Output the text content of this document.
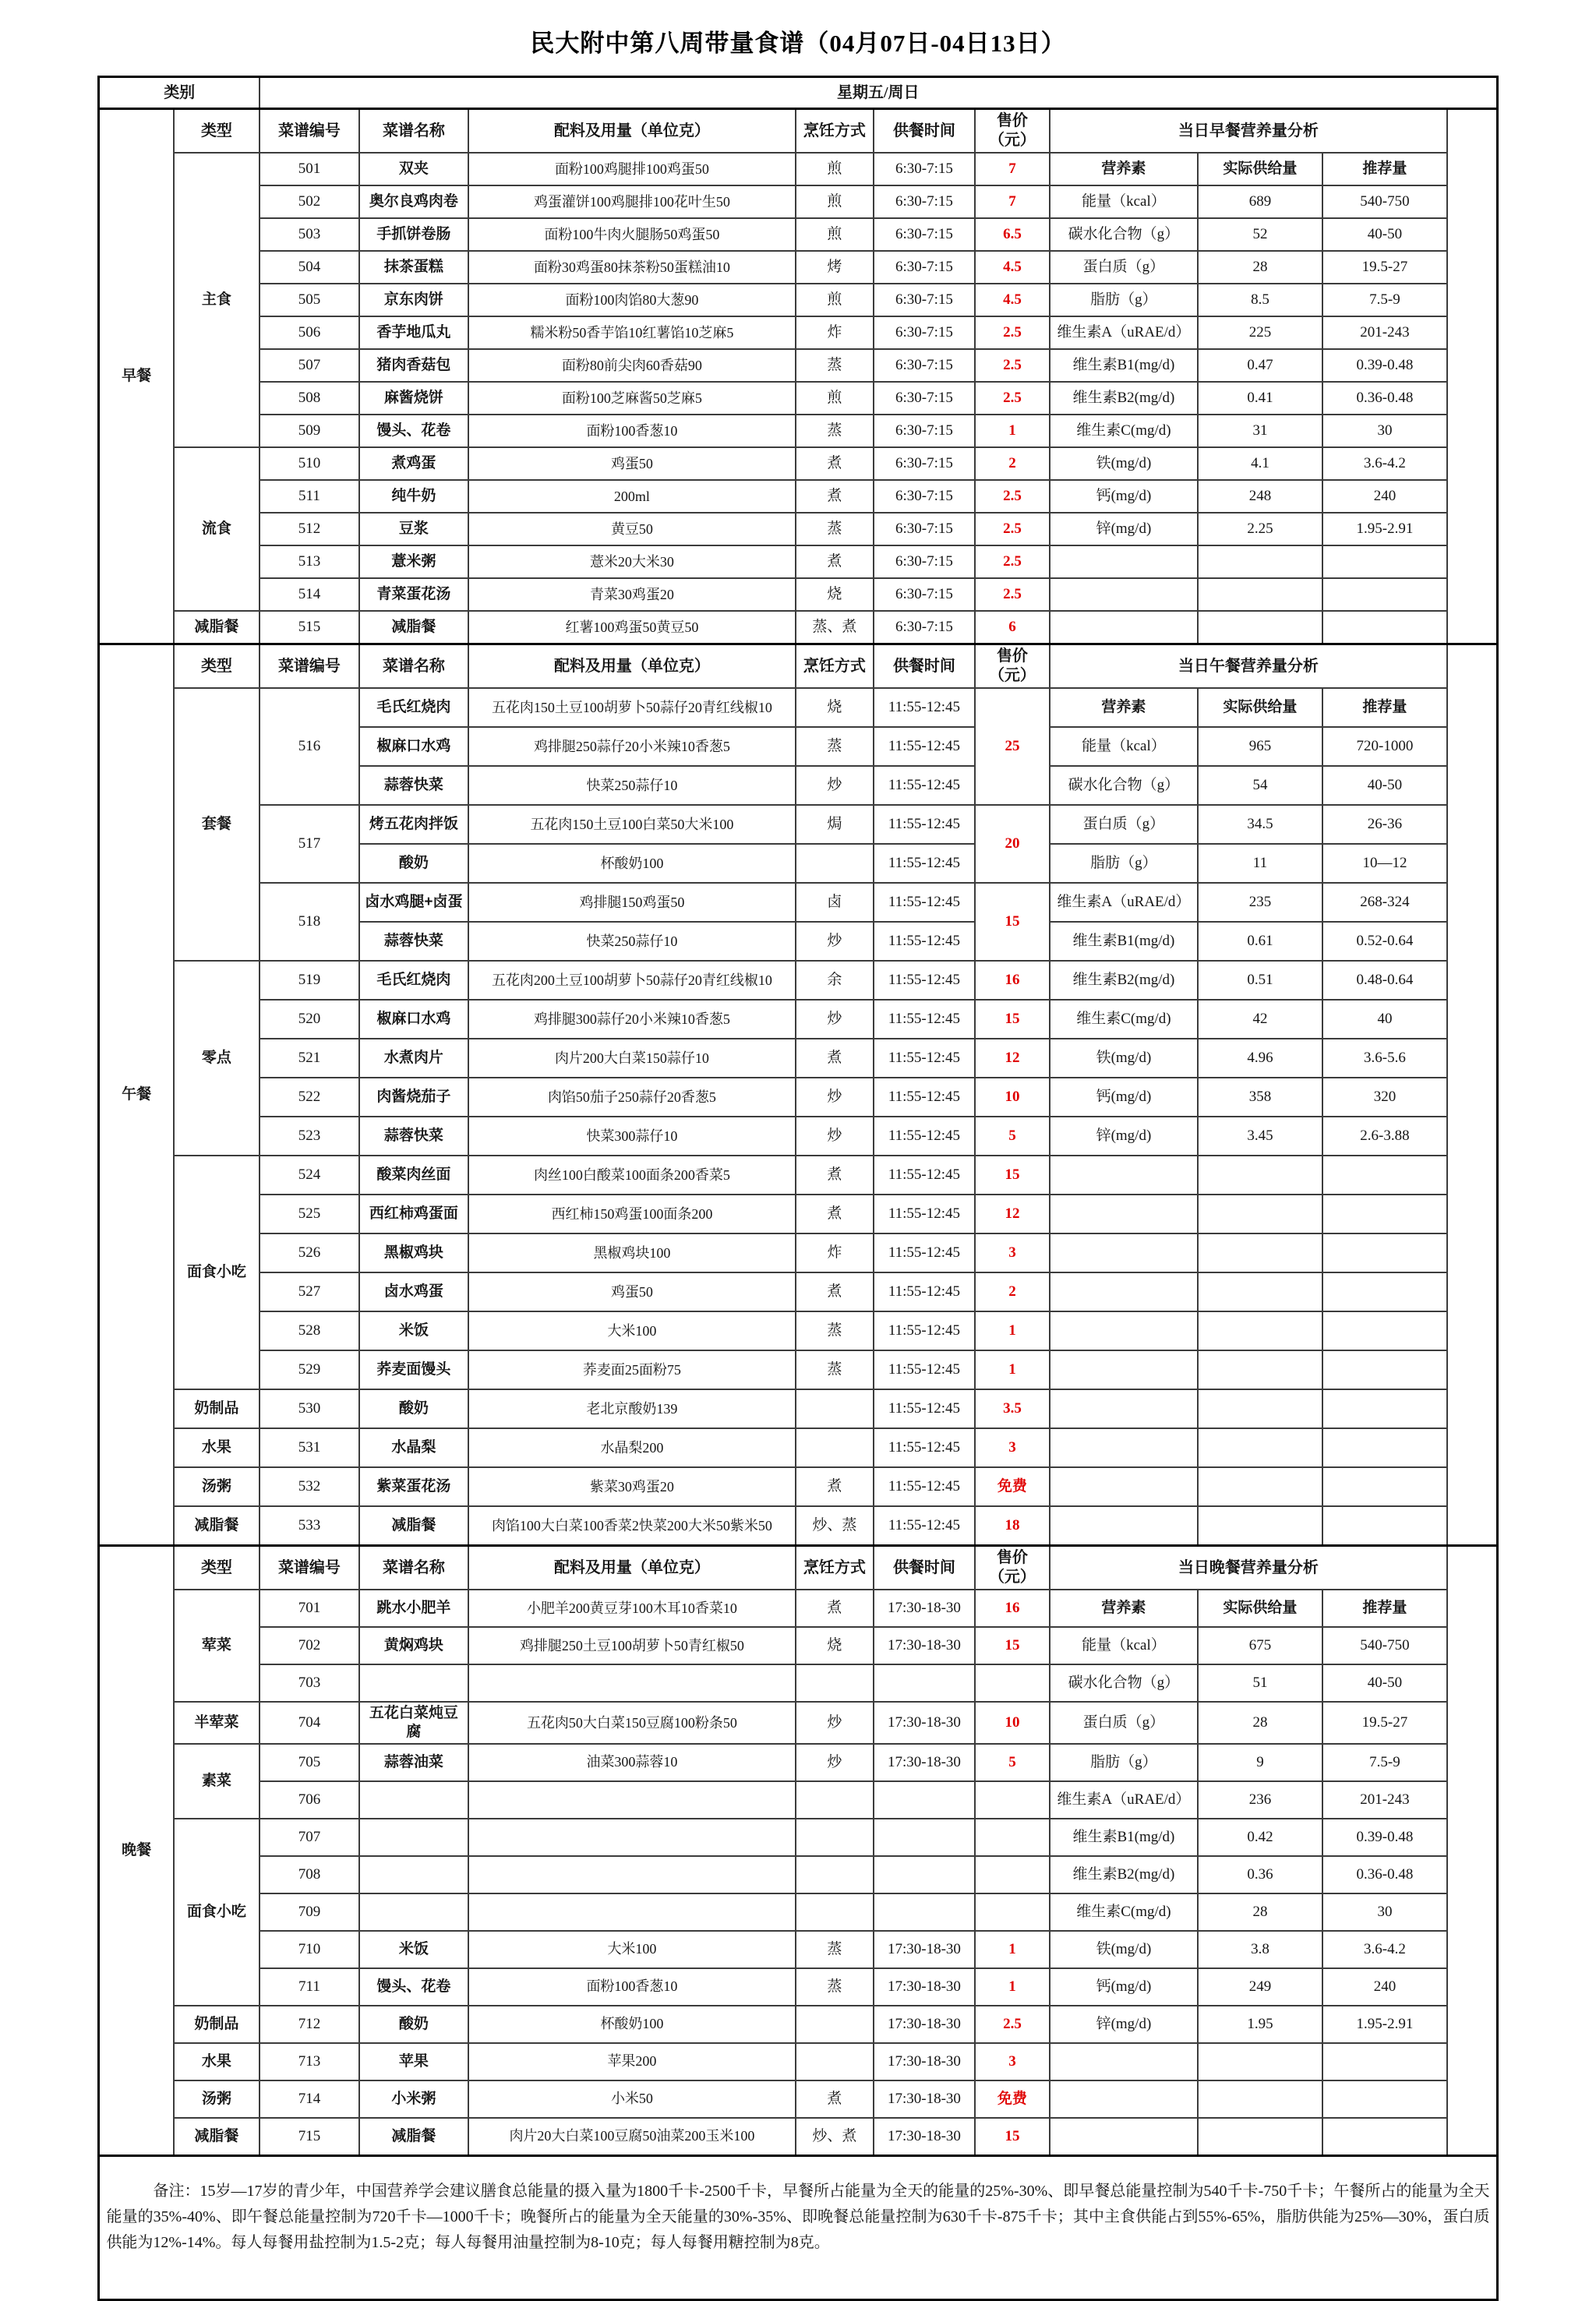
民大附中第八周带量食谱（04月07日-04日13日）
类别		星期五/周日									
早餐	类型	菜谱编号	菜谱名称	配料及用量（单位克）	烹饪方式	供餐时间	售价（元）	当日早餐营养量分析			
	主食	501	双夹	面粉100鸡腿排100鸡蛋50	煎	6:30-7:15	7	营养素	实际供给量	推荐量	
		502	奥尔良鸡肉卷	鸡蛋灌饼100鸡腿排100花叶生50	煎	6:30-7:15	7	能量（kcal）	689	540-750	
		503	手抓饼卷肠	面粉100牛肉火腿肠50鸡蛋50	煎	6:30-7:15	6.5	碳水化合物（g）	52	40-50	
		504	抹茶蛋糕	面粉30鸡蛋80抹茶粉50蛋糕油10	烤	6:30-7:15	4.5	蛋白质（g）	28	19.5-27	
		505	京东肉饼	面粉100肉馅80大葱90	煎	6:30-7:15	4.5	脂肪（g）	8.5	7.5-9	
		506	香芋地瓜丸	糯米粉50香芋馅10红薯馅10芝麻5	炸	6:30-7:15	2.5	维生素A（uRAE/d）	225	201-243	
		507	猪肉香菇包	面粉80前尖肉60香菇90	蒸	6:30-7:15	2.5	维生素B1(mg/d)	0.47	0.39-0.48	
		508	麻酱烧饼	面粉100芝麻酱50芝麻5	煎	6:30-7:15	2.5	维生素B2(mg/d)	0.41	0.36-0.48	
		509	馒头、花卷	面粉100香葱10	蒸	6:30-7:15	1	维生素C(mg/d)	31	30	
	流食	510	煮鸡蛋	鸡蛋50	煮	6:30-7:15	2	铁(mg/d)	4.1	3.6-4.2	
		511	纯牛奶	200ml	煮	6:30-7:15	2.5	钙(mg/d)	248	240	
		512	豆浆	黄豆50	蒸	6:30-7:15	2.5	锌(mg/d)	2.25	1.95-2.91	
		513	薏米粥	薏米20大米30	煮	6:30-7:15	2.5				
		514	青菜蛋花汤	青菜30鸡蛋20	烧	6:30-7:15	2.5				
	减脂餐	515	减脂餐	红薯100鸡蛋50黄豆50	蒸、煮	6:30-7:15	6				
午餐	类型	菜谱编号	菜谱名称	配料及用量（单位克）	烹饪方式	供餐时间	售价（元）	当日午餐营养量分析			
	套餐	516	毛氏红烧肉	五花肉150土豆100胡萝卜50蒜仔20青红线椒10	烧	11:55-12:45	25	营养素	实际供给量	推荐量	
			椒麻口水鸡	鸡排腿250蒜仔20小米辣10香葱5	蒸	11:55-12:45		能量（kcal）	965	720-1000	
			蒜蓉快菜	快菜250蒜仔10	炒	11:55-12:45		碳水化合物（g）	54	40-50	
		517	烤五花肉拌饭	五花肉150土豆100白菜50大米100	焗	11:55-12:45	20	蛋白质（g）	34.5	26-36	
			酸奶	杯酸奶100		11:55-12:45		脂肪（g）	11	10—12	
		518	卤水鸡腿+卤蛋	鸡排腿150鸡蛋50	卤	11:55-12:45	15	维生素A（uRAE/d）	235	268-324	
			蒜蓉快菜	快菜250蒜仔10	炒	11:55-12:45		维生素B1(mg/d)	0.61	0.52-0.64	
	零点	519	毛氏红烧肉	五花肉200土豆100胡萝卜50蒜仔20青红线椒10	余	11:55-12:45	16	维生素B2(mg/d)	0.51	0.48-0.64	
		520	椒麻口水鸡	鸡排腿300蒜仔20小米辣10香葱5	炒	11:55-12:45	15	维生素C(mg/d)	42	40	
		521	水煮肉片	肉片200大白菜150蒜仔10	煮	11:55-12:45	12	铁(mg/d)	4.96	3.6-5.6	
		522	肉酱烧茄子	肉馅50茄子250蒜仔20香葱5	炒	11:55-12:45	10	钙(mg/d)	358	320	
		523	蒜蓉快菜	快菜300蒜仔10	炒	11:55-12:45	5	锌(mg/d)	3.45	2.6-3.88	
	面食小吃	524	酸菜肉丝面	肉丝100白酸菜100面条200香菜5	煮	11:55-12:45	15				
		525	西红柿鸡蛋面	西红柿150鸡蛋100面条200	煮	11:55-12:45	12				
		526	黑椒鸡块	黑椒鸡块100	炸	11:55-12:45	3				
		527	卤水鸡蛋	鸡蛋50	煮	11:55-12:45	2				
		528	米饭	大米100	蒸	11:55-12:45	1				
		529	荞麦面馒头	荞麦面25面粉75	蒸	11:55-12:45	1				
	奶制品	530	酸奶	老北京酸奶139		11:55-12:45	3.5				
	水果	531	水晶梨	水晶梨200		11:55-12:45	3				
	汤粥	532	紫菜蛋花汤	紫菜30鸡蛋20	煮	11:55-12:45	免费				
	减脂餐	533	减脂餐	肉馅100大白菜100香菜2快菜200大米50紫米50	炒、蒸	11:55-12:45	18				
晚餐	类型	菜谱编号	菜谱名称	配料及用量（单位克）	烹饪方式	供餐时间	售价（元）	当日晚餐营养量分析			
	荤菜	701	跳水小肥羊	小肥羊200黄豆芽100木耳10香菜10	煮	17:30-18-30	16	营养素	实际供给量	推荐量	
		702	黄焖鸡块	鸡排腿250土豆100胡萝卜50青红椒50	烧	17:30-18-30	15	能量（kcal）	675	540-750	
		703						碳水化合物（g）	51	40-50	
	半荤菜	704	五花白菜炖豆腐	五花肉50大白菜150豆腐100粉条50	炒	17:30-18-30	10	蛋白质（g）	28	19.5-27	
	素菜	705	蒜蓉油菜	油菜300蒜蓉10	炒	17:30-18-30	5	脂肪（g）	9	7.5-9	
		706						维生素A（uRAE/d）	236	201-243	
	面食小吃	707						维生素B1(mg/d)	0.42	0.39-0.48	
		708						维生素B2(mg/d)	0.36	0.36-0.48	
		709						维生素C(mg/d)	28	30	
		710	米饭	大米100	蒸	17:30-18-30	1	铁(mg/d)	3.8	3.6-4.2	
		711	馒头、花卷	面粉100香葱10	蒸	17:30-18-30	1	钙(mg/d)	249	240	
	奶制品	712	酸奶	杯酸奶100		17:30-18-30	2.5	锌(mg/d)	1.95	1.95-2.91	
	水果	713	苹果	苹果200		17:30-18-30	3				
	汤粥	714	小米粥	小米50	煮	17:30-18-30	免费				
	减脂餐	715	减脂餐	肉片20大白菜100豆腐50油菜200玉米100	炒、煮	17:30-18-30	15				
备注：15岁—17岁的青少年，中国营养学会建议膳食总能量的摄入量为1800千卡-2500千卡，早餐所占能量为全天的能量的25%-30%、即早餐总能量控制为540千卡-750千卡；午餐所占的能量为全天能量的35%-40%、即午餐总能量控制为720千卡—1000千卡；晚餐所占的能量为全天能量的30%-35%、即晚餐总能量控制为630千卡-875千卡；其中主食供能占到55%-65%，脂肪供能为25%—30%，蛋白质供能为12%-14%。每人每餐用盐控制为1.5-2克；每人每餐用油量控制为8-10克；每人每餐用糖控制为8克。											
